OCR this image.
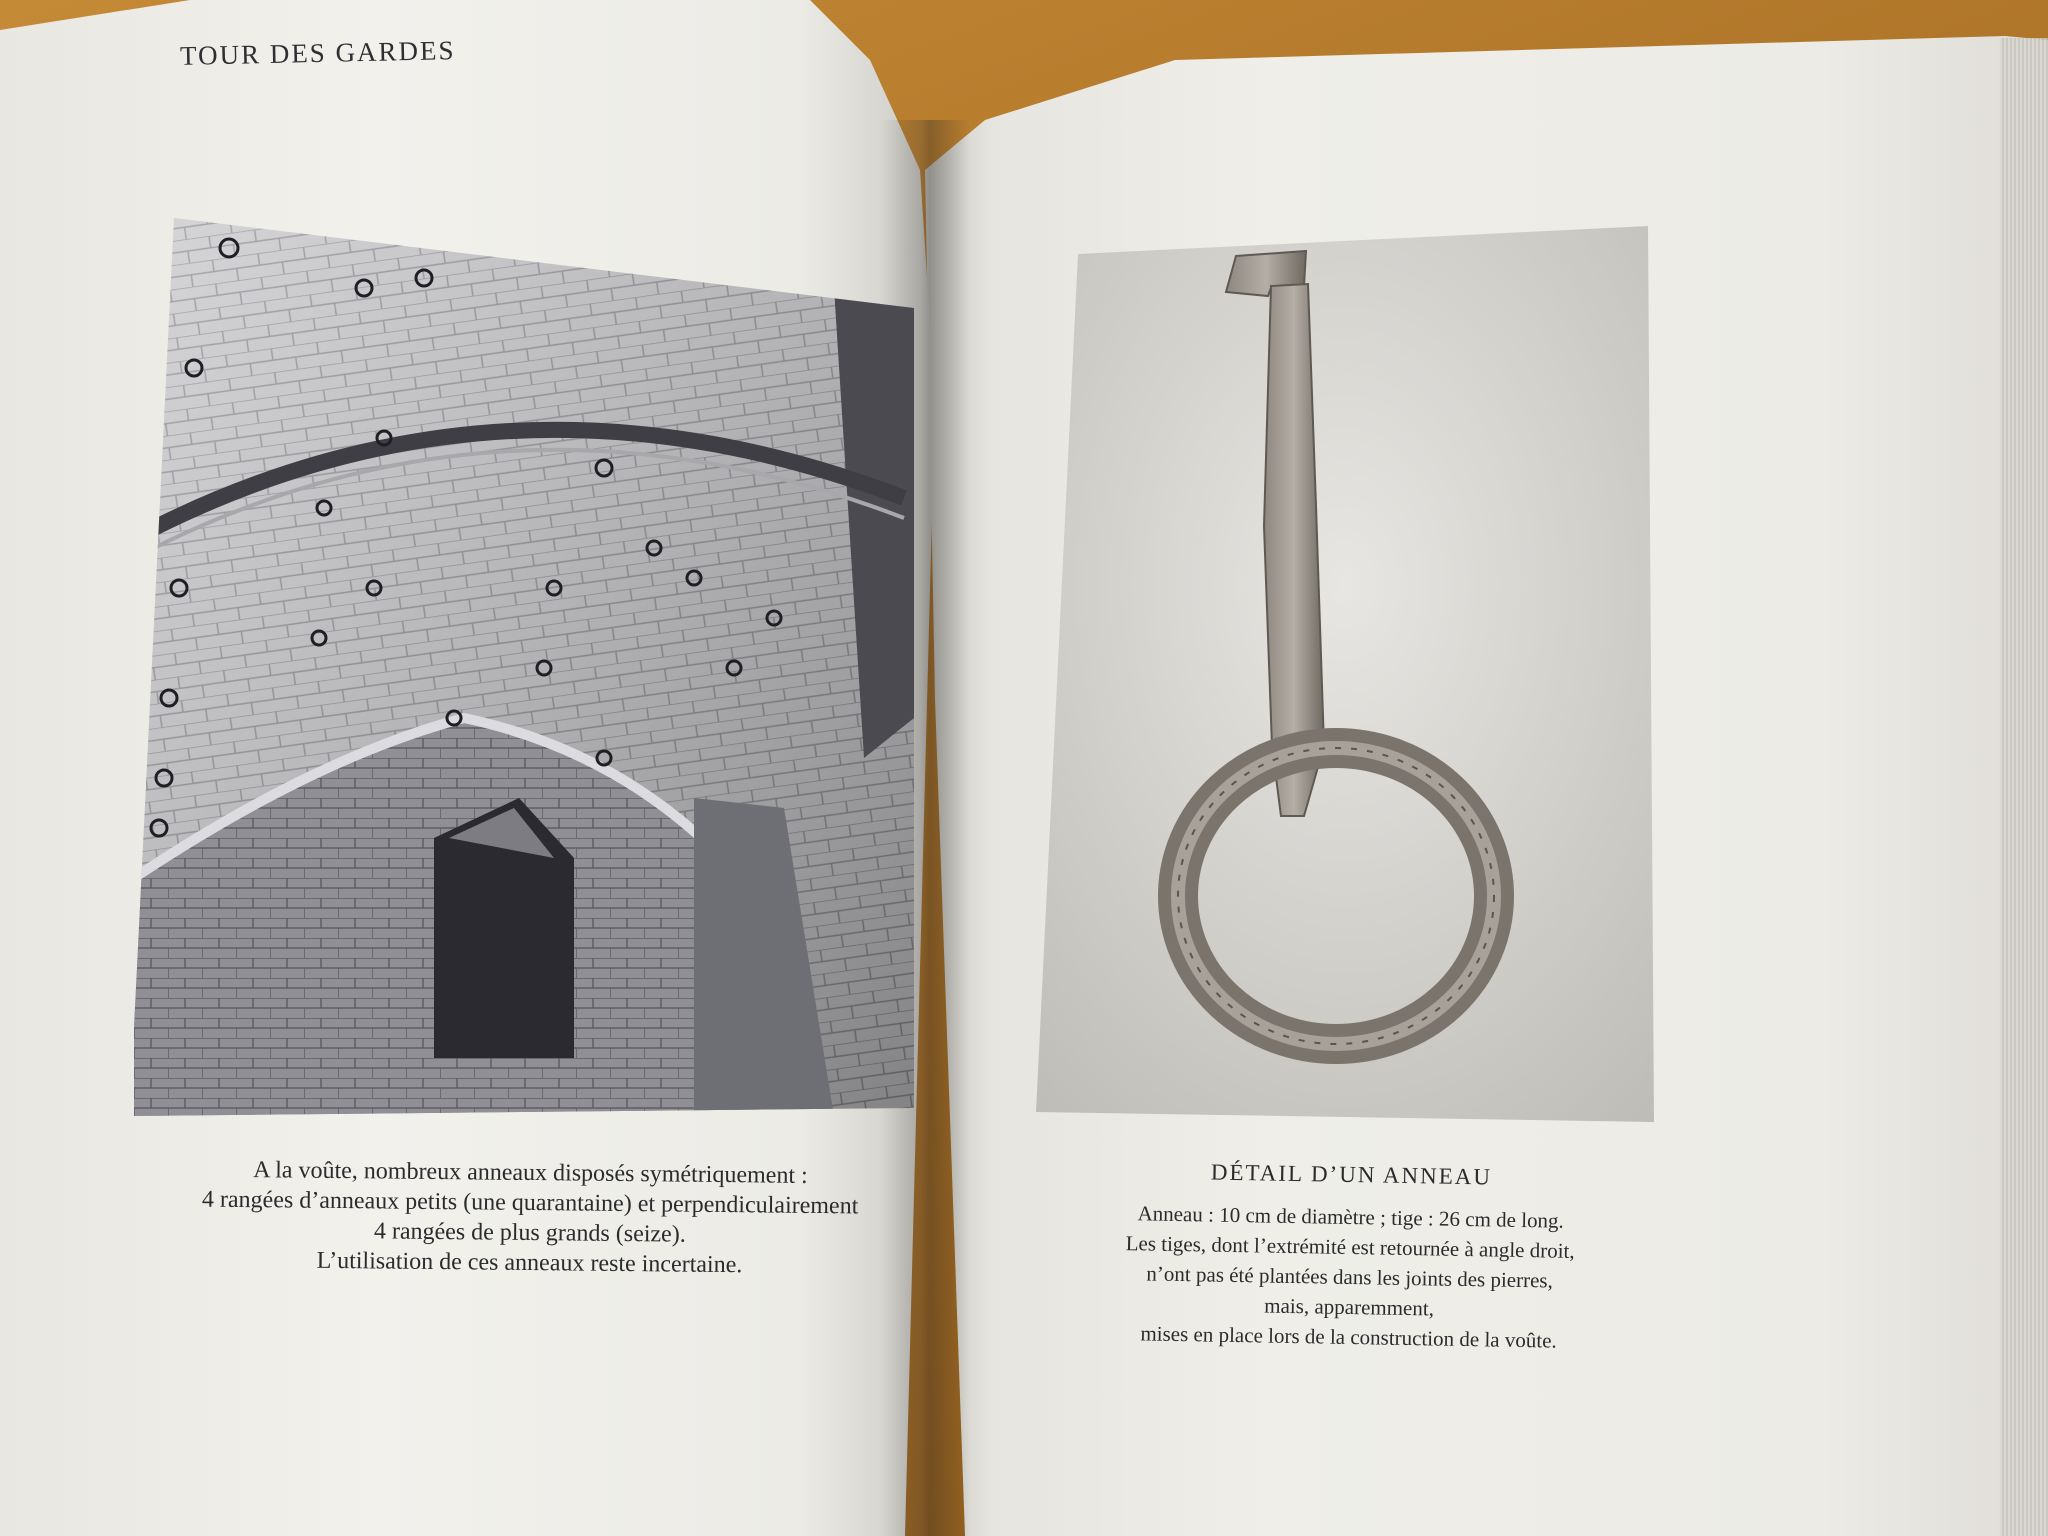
TOUR DES GARDES
A la voûte, nombreux anneaux disposés symétriquement :
4 rangées d’anneaux petits (une quarantaine) et perpendiculairement
4 rangées de plus grands (seize).
L’utilisation de ces anneaux reste incertaine.
DÉTAIL D’UN ANNEAU
Anneau : 10 cm de diamètre ; tige : 26 cm de long.
Les tiges, dont l’extrémité est retournée à angle droit,
n’ont pas été plantées dans les joints des pierres,
mais, apparemment,
mises en place lors de la construction de la voûte.
